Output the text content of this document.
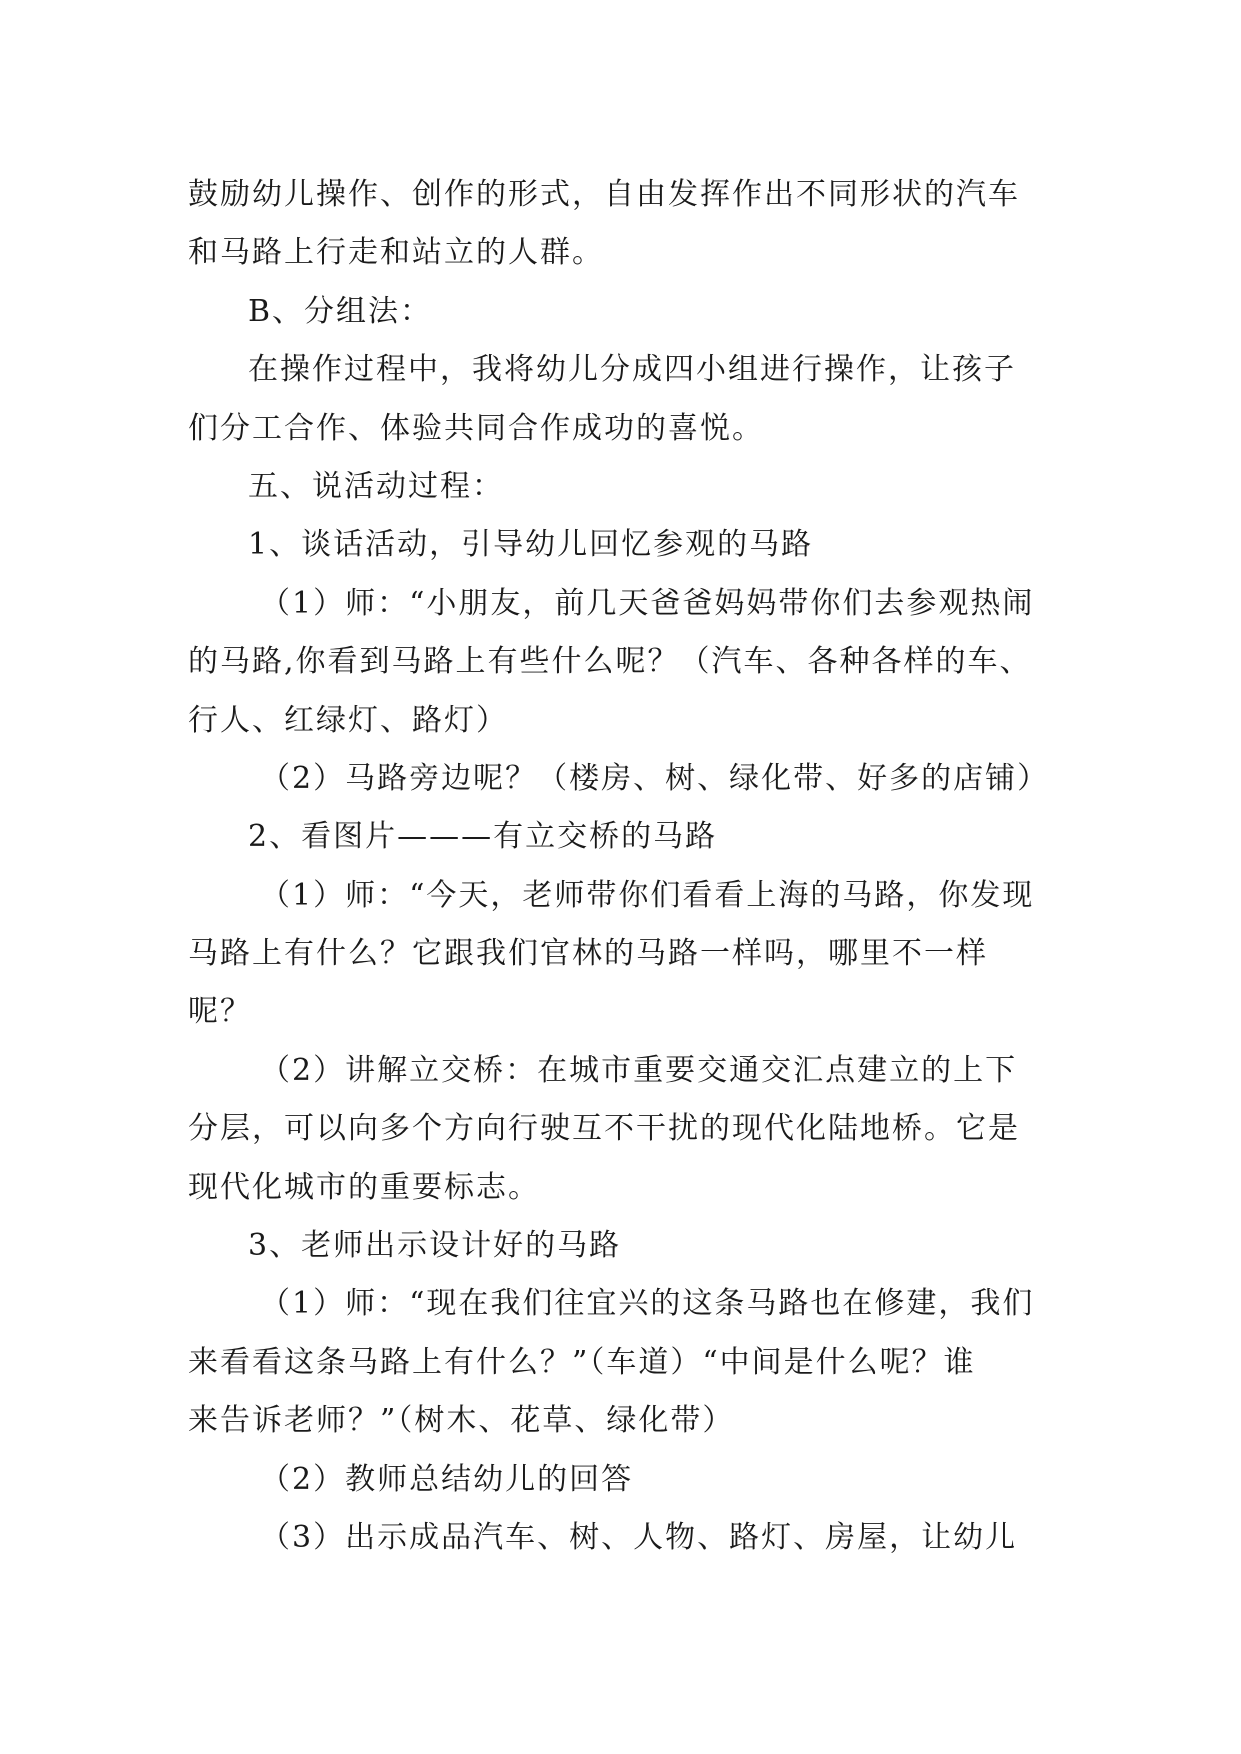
鼓励幼儿操作、创作的形式，自由发挥作出不同形状的汽车
和马路上行走和站立的人群。
B、分组法：
在操作过程中，我将幼儿分成四小组进行操作，让孩子
们分工合作、体验共同合作成功的喜悦。
五、说活动过程：
1、谈话活动，引导幼儿回忆参观的马路
（1）师：“小朋友，前几天爸爸妈妈带你们去参观热闹
的马路,你看到马路上有些什么呢？（汽车、各种各样的车、
行人、红绿灯、路灯）
（2）马路旁边呢？（楼房、树、绿化带、好多的店铺）
2、看图片———有立交桥的马路
（1）师：“今天，老师带你们看看上海的马路，你发现
马路上有什么？它跟我们官林的马路一样吗，哪里不一样
呢？
（2）讲解立交桥：在城市重要交通交汇点建立的上下
分层，可以向多个方向行驶互不干扰的现代化陆地桥。它是
现代化城市的重要标志。
3、老师出示设计好的马路
（1）师：“现在我们往宜兴的这条马路也在修建，我们
来看看这条马路上有什么？”（车道）“中间是什么呢？谁
来告诉老师？”（树木、花草、绿化带）
（2）教师总结幼儿的回答
（3）出示成品汽车、树、人物、路灯、房屋，让幼儿
